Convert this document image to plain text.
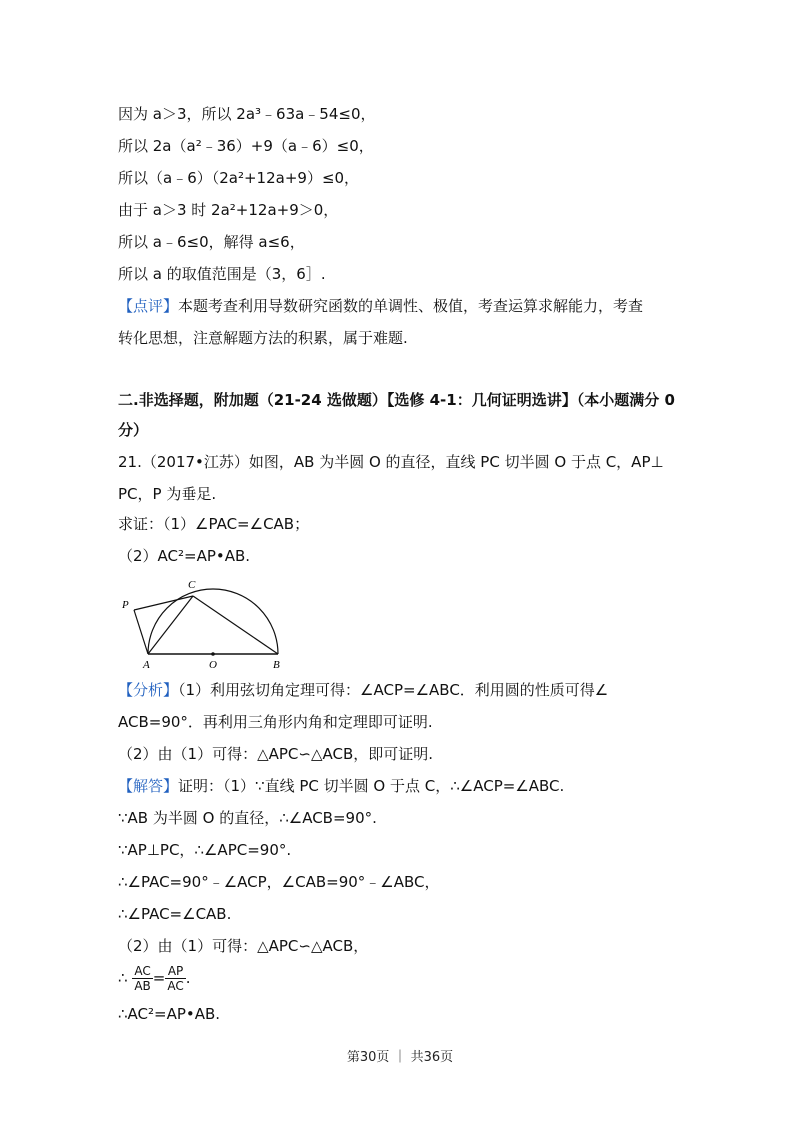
因为 a＞3，所以 2a³﹣63a﹣54≤0，
所以 2a（a²﹣36）+9（a﹣6）≤0，
所以（a﹣6）（2a²+12a+9）≤0，
由于 a＞3 时 2a²+12a+9＞0，
所以 a﹣6≤0，解得 a≤6，
所以 a 的取值范围是（3，6］.
【点评】本题考查利用导数研究函数的单调性、极值，考查运算求解能力，考查
转化思想，注意解题方法的积累，属于难题.
二.非选择题，附加题（21-24 选做题）【选修 4-1：几何证明选讲】（本小题满分 0
分）
21.（2017•江苏）如图，AB 为半圆 O 的直径，直线 PC 切半圆 O 于点 C，AP⊥
PC，P 为垂足.
求证：（1）∠PAC=∠CAB；
（2）AC²=AP•AB.
P
C
A	O	B
【分析】（1）利用弦切角定理可得：∠ACP=∠ABC．利用圆的性质可得∠
ACB=90°．再利用三角形内角和定理即可证明.
（2）由（1）可得：△APC∽△ACB，即可证明.
【解答】证明：（1）∵直线 PC 切半圆 O 于点 C，∴∠ACP=∠ABC.
∵AB 为半圆 O 的直径，∴∠ACB=90°.
∵AP⊥PC，∴∠APC=90°.
∴∠PAC=90°﹣∠ACP，∠CAB=90°﹣∠ABC，
∴∠PAC=∠CAB.
（2）由（1）可得：△APC∽△ACB，
∴ $\frac{AC}{AB} = \frac{AP}{AC}$ .
∴AC²=AP•AB.
第30页 ｜ 共36页
